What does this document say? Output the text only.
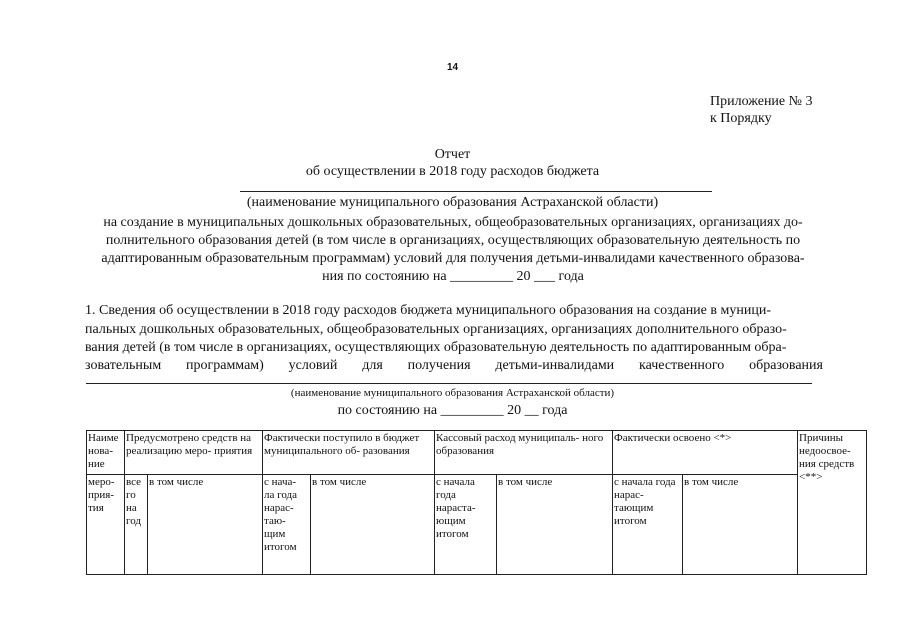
14
Приложение № 3
к Порядку
Отчет
об осуществлении в 2018 году расходов бюджета
(наименование муниципального образования Астраханской области)
на создание в муниципальных дошкольных образовательных, общеобразовательных организациях, организациях до-
полнительного образования детей (в том числе в организациях, осуществляющих образовательную деятельность по
адаптированным образовательным программам) условий для получения детьми-инвалидами качественного образова-
ния по состоянию на _________ 20 ___ года
1. Сведения об осуществлении в 2018 году расходов бюджета муниципального образования на создание в муници-
пальных дошкольных образовательных, общеобразовательных организациях, организациях дополнительного образо-
вания детей (в том числе в организациях, осуществляющих образовательную деятельность по адаптированным обра-
зовательным программам) условий для получения детьми-инвалидами качественного образования
(наименование муниципального образования Астраханской области)
по состоянию на _________ 20 __ года
Наиме нова- ние	Предусмотрено средств на реализацию меро- приятия		Фактически поступило в бюджет муниципального об- разования		Кассовый расход муниципаль- ного образования		Фактически освоено <*>		Причины недоосвое- ния средств <**>
меро- прия- тия	все го на год	в том числе	с нача- ла года нарас- таю- щим итогом	в том числе	с начала года нараста- ющим итогом	в том числе	с начала года нарас- тающим итогом	в том числе	
